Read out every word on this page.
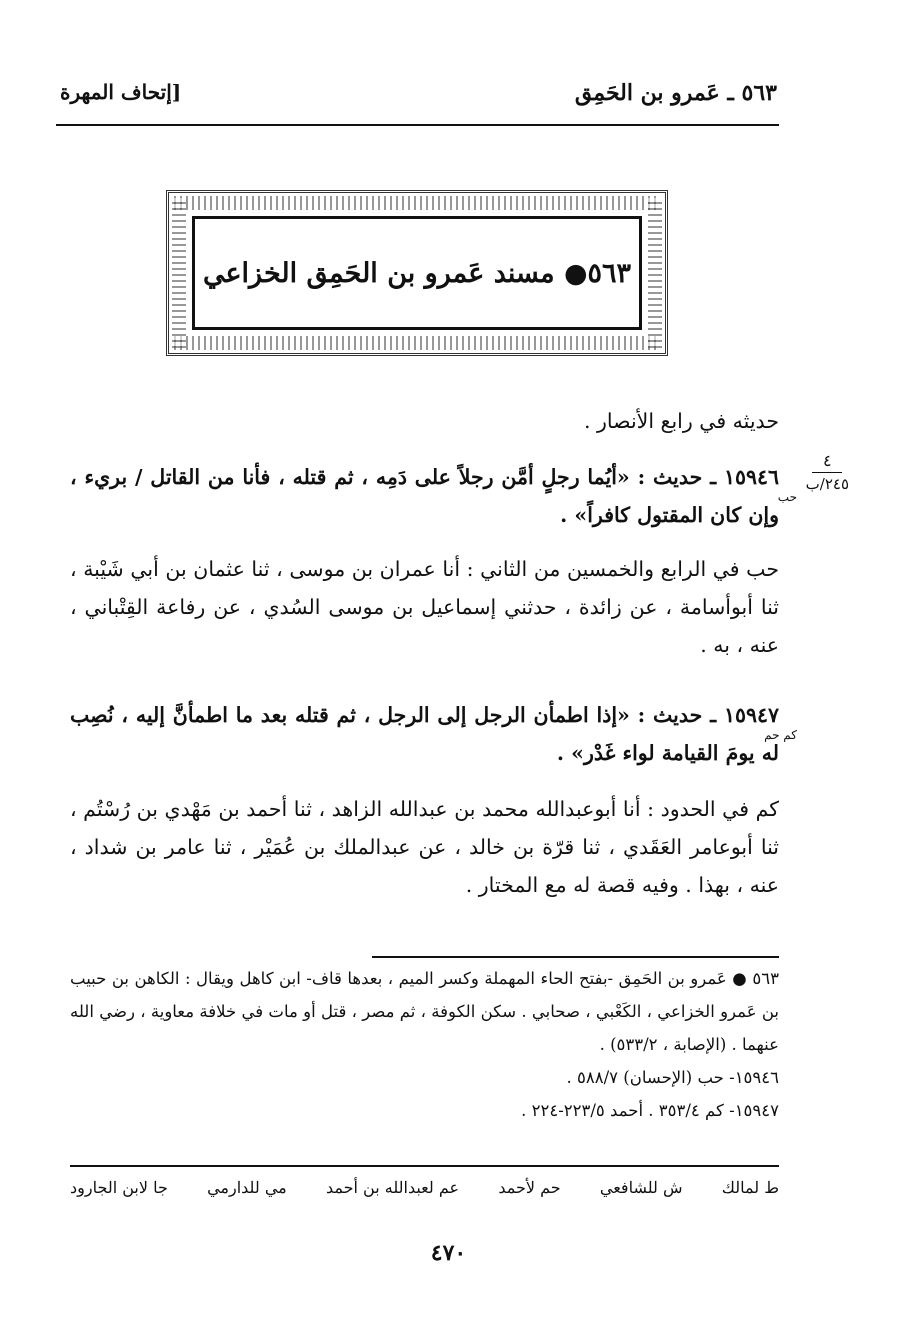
٥٦٣ ـ عَمرو بن الحَمِق
[إتحاف المهرة
٥٦٣● مسند عَمرو بن الحَمِق الخزاعي
حديثه في رابع الأنصار .
٤
٢٤٥/ب
حب
١٥٩٤٦ ـ حديث : «أيُما رجلٍ أمَّن رجلاً على دَمِه ، ثم قتله ، فأنا من القاتل / بريء ، وإن كان المقتول كافراً» .
حب في الرابع والخمسين من الثاني : أنا عمران بن موسى ، ثنا عثمان بن أبي شَيْبة ، ثنا أبوأسامة ، عن زائدة ، حدثني إسماعيل بن موسى السُدي ، عن رفاعة القِتْباني ، عنه ، به .
كم حم
١٥٩٤٧ ـ حديث : «إذا اطمأن الرجل إلى الرجل ، ثم قتله بعد ما اطمأنَّ إليه ، نُصِب له يومَ القيامة لواء غَدْر» .
كم في الحدود : أنا أبوعبدالله محمد بن عبدالله الزاهد ، ثنا أحمد بن مَهْدي بن رُسْتُم ، ثنا أبوعامر العَقَدي ، ثنا قرّة بن خالد ، عن عبدالملك بن عُمَيْر ، ثنا عامر بن شداد ، عنه ، بهذا . وفيه قصة له مع المختار .
٥٦٣ ● عَمرو بن الحَمِق -بفتح الحاء المهملة وكسر الميم ، بعدها قاف- ابن كاهل ويقال : الكاهن بن حبيب بن عَمرو الخزاعي ، الكَعْبي ، صحابي . سكن الكوفة ، ثم مصر ، قتل أو مات في خلافة معاوية ، رضي الله عنهما . (الإصابة ، ٥٣٣/٢) .
١٥٩٤٦- حب (الإحسان) ٥٨٨/٧ .
١٥٩٤٧- كم ٣٥٣/٤ . أحمد ٢٢٣/٥-٢٢٤ .
ط لمالك
ش للشافعي
حم لأحمد
عم لعبدالله بن أحمد
مي للدارمي
جا لابن الجارود
٤٧٠
